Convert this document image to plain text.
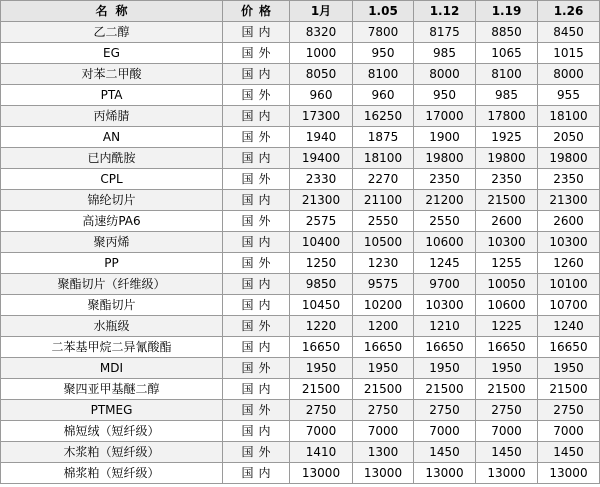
名称	价格	1月	1.05	1.12	1.19	1.26
乙二醇	国内	8320	7800	8175	8850	8450
EG	国外	1000	950	985	1065	1015
对苯二甲酸	国内	8050	8100	8000	8100	8000
PTA	国外	960	960	950	985	955
丙烯腈	国内	17300	16250	17000	17800	18100
AN	国外	1940	1875	1900	1925	2050
已内酰胺	国内	19400	18100	19800	19800	19800
CPL	国外	2330	2270	2350	2350	2350
锦纶切片	国内	21300	21100	21200	21500	21300
高速纺PA6	国外	2575	2550	2550	2600	2600
聚丙烯	国内	10400	10500	10600	10300	10300
PP	国外	1250	1230	1245	1255	1260
聚酯切片（纤维级）	国内	9850	9575	9700	10050	10100
聚酯切片	国内	10450	10200	10300	10600	10700
水瓶级	国外	1220	1200	1210	1225	1240
二苯基甲烷二异氰酸酯	国内	16650	16650	16650	16650	16650
MDI	国外	1950	1950	1950	1950	1950
聚四亚甲基醚二醇	国内	21500	21500	21500	21500	21500
PTMEG	国外	2750	2750	2750	2750	2750
棉短绒（短纤级）	国内	7000	7000	7000	7000	7000
木浆粕（短纤级）	国外	1410	1300	1450	1450	1450
棉浆粕（短纤级）	国内	13000	13000	13000	13000	13000
